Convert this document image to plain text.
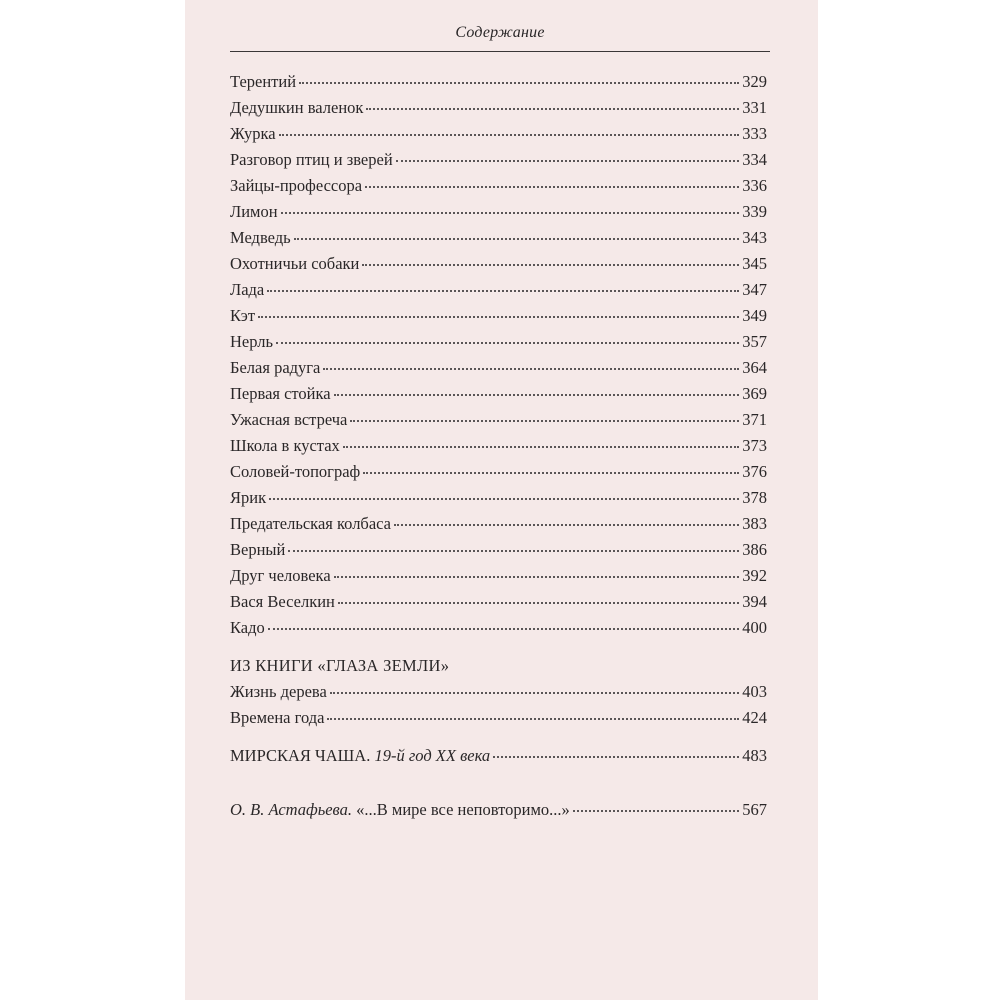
Содержание
Терентий	329
Дедушкин валенок	331
Журка	333
Разговор птиц и зверей	334
Зайцы-профессора	336
Лимон	339
Медведь	343
Охотничьи собаки	345
Лада	347
Кэт	349
Нерль	357
Белая радуга	364
Первая стойка	369
Ужасная встреча	371
Школа в кустах	373
Соловей-топограф	376
Ярик	378
Предательская колбаса	383
Верный	386
Друг человека	392
Вася Веселкин	394
Кадо	400
ИЗ КНИГИ «ГЛАЗА ЗЕМЛИ»
Жизнь дерева	403
Времена года	424
МИРСКАЯ ЧАША. 19-й год XX века	483
О. В. Астафьева. «...В мире все неповторимо...»	567
